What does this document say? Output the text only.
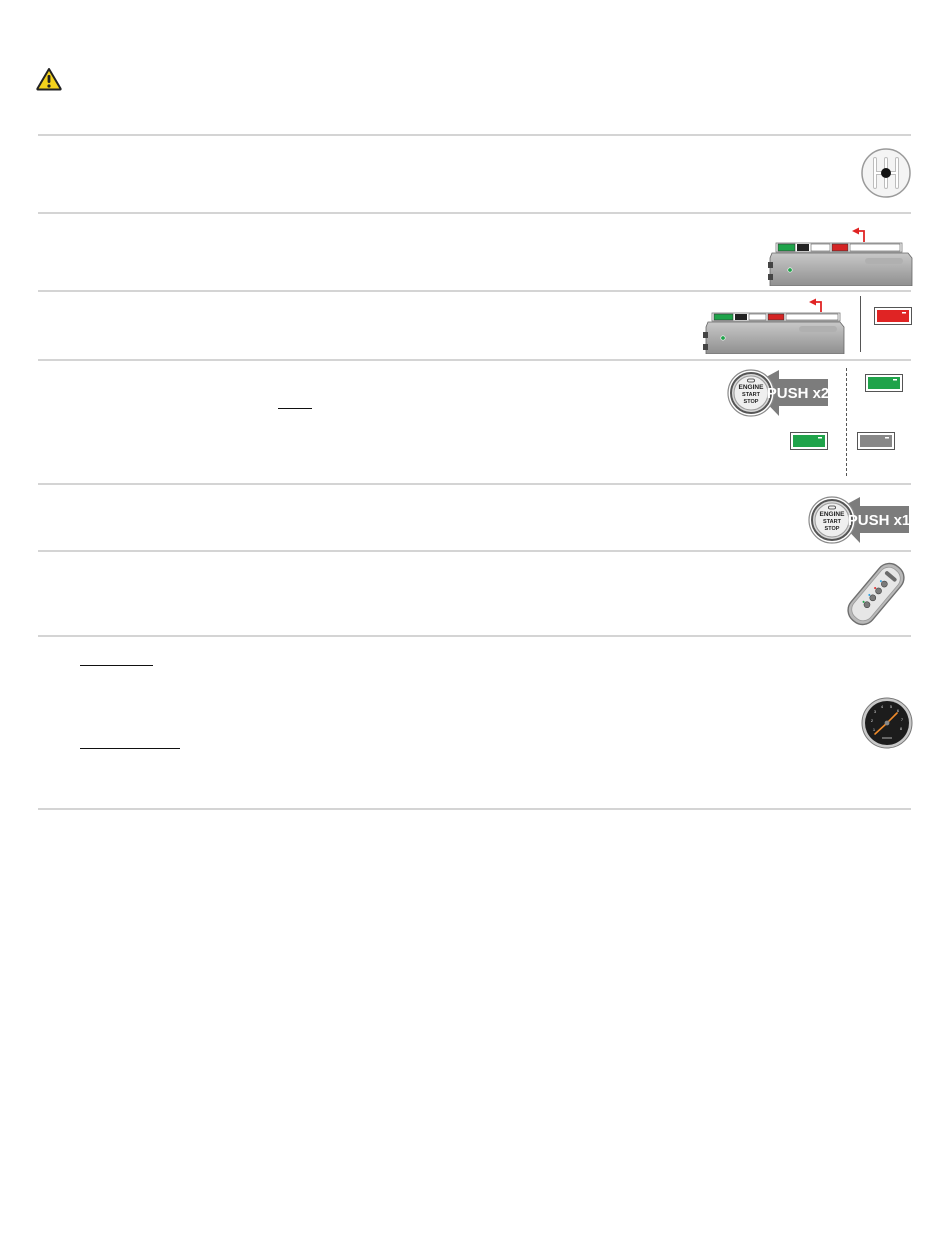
ENGINE
START
STOP PUSH x2
ENGINE
START
STOP PUSH x1
1
2
3
4 5
6
7
8
